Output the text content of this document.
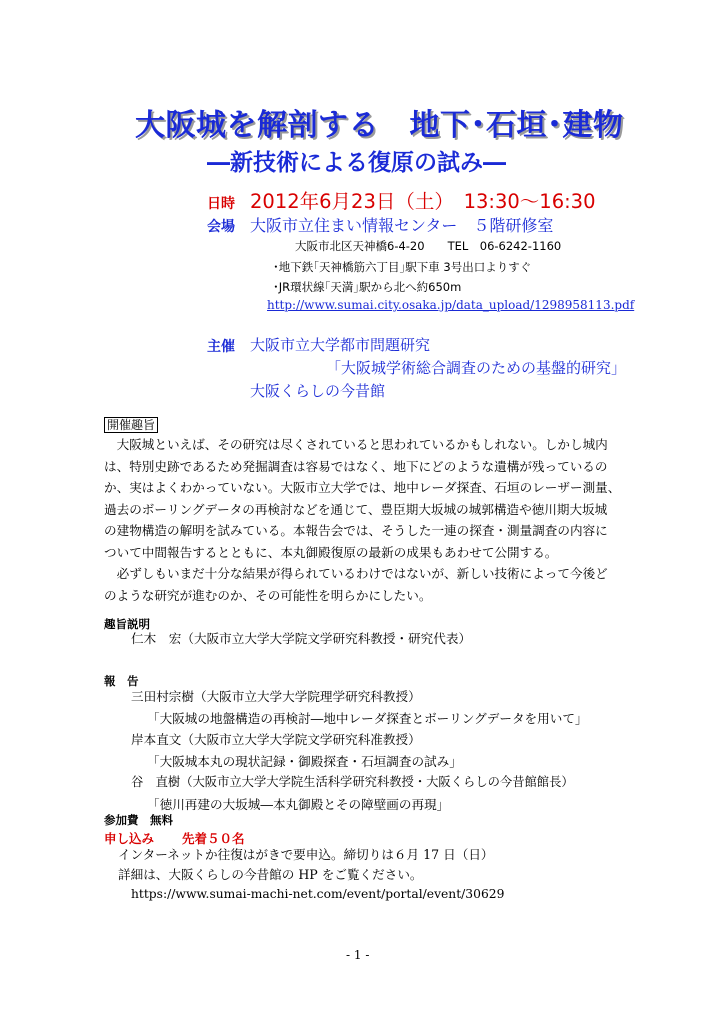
大阪城を解剖する　地下･石垣･建物
―新技術による復原の試み―
日時 2012年6月23日（土）　13:30～16:30
会場 大阪市立住まい情報センター　５階研修室
大阪市北区天神橋6-4-20　　TEL　06-6242-1160
･地下鉄｢天神橋筋六丁目｣駅下車 3号出口よりすぐ
･JR環状線｢天満｣駅から北へ約650m
http://www.sumai.city.osaka.jp/data_upload/1298958113.pdf
主催 大阪市立大学都市問題研究
「大阪城学術総合調査のための基盤的研究」
大阪くらしの今昔館
開催趣旨
　大阪城といえば、その研究は尽くされていると思われているかもしれない。しかし城内
は、特別史跡であるため発掘調査は容易ではなく、地下にどのような遺構が残っているの
か、実はよくわかっていない。大阪市立大学では、地中レーダ探査、石垣のレーザー測量、
過去のボーリングデータの再検討などを通じて、豊臣期大坂城の城郭構造や徳川期大坂城
の建物構造の解明を試みている。本報告会では、そうした一連の探査・測量調査の内容に
ついて中間報告するとともに、本丸御殿復原の最新の成果もあわせて公開する。
　必ずしもいまだ十分な結果が得られているわけではないが、新しい技術によって今後ど
のような研究が進むのか、その可能性を明らかにしたい。
趣旨説明
仁木　宏（大阪市立大学大学院文学研究科教授・研究代表）
報　告
三田村宗樹（大阪市立大学大学院理学研究科教授）
「大阪城の地盤構造の再検討―地中レーダ探査とボーリングデータを用いて」
岸本直文（大阪市立大学大学院文学研究科准教授）
「大阪城本丸の現状記録・御殿探査・石垣調査の試み」
谷　直樹（大阪市立大学大学院生活科学研究科教授・大阪くらしの今昔館館長）
「徳川再建の大坂城―本丸御殿とその障壁画の再現」
参加費　無料
申し込み 先着５０名
インターネットか往復はがきで要申込。締切りは６月 17 日（日）
詳細は、大阪くらしの今昔館の HP をご覧ください。
https://www.sumai-machi-net.com/event/portal/event/30629
- 1 -
